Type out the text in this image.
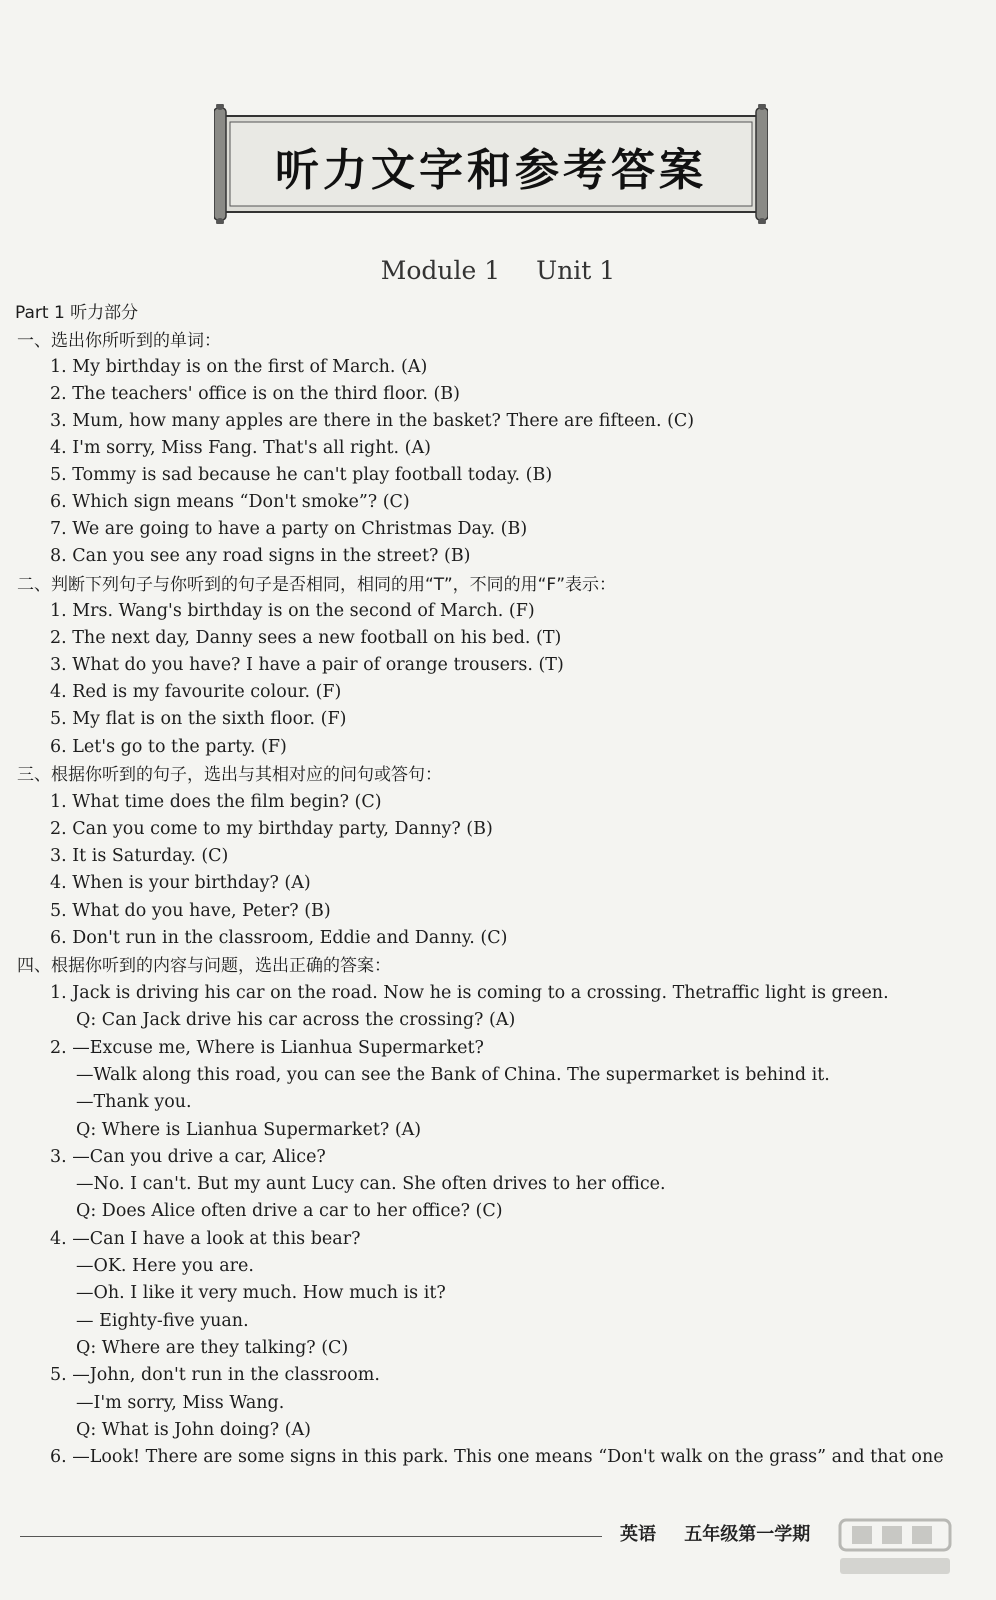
听力文字和参考答案
Module 1 Unit 1
Part 1 听力部分
一、选出你所听到的单词：
1. My birthday is on the first of March. (A)
2. The teachers' office is on the third floor. (B)
3. Mum, how many apples are there in the basket? There are fifteen. (C)
4. I'm sorry, Miss Fang. That's all right. (A)
5. Tommy is sad because he can't play football today. (B)
6. Which sign means “Don't smoke”? (C)
7. We are going to have a party on Christmas Day. (B)
8. Can you see any road signs in the street? (B)
二、判断下列句子与你听到的句子是否相同，相同的用“T”，不同的用“F”表示：
1. Mrs. Wang's birthday is on the second of March. (F)
2. The next day, Danny sees a new football on his bed. (T)
3. What do you have? I have a pair of orange trousers. (T)
4. Red is my favourite colour. (F)
5. My flat is on the sixth floor. (F)
6. Let's go to the party. (F)
三、根据你听到的句子，选出与其相对应的问句或答句：
1. What time does the film begin? (C)
2. Can you come to my birthday party, Danny? (B)
3. It is Saturday. (C)
4. When is your birthday? (A)
5. What do you have, Peter? (B)
6. Don't run in the classroom, Eddie and Danny. (C)
四、根据你听到的内容与问题，选出正确的答案：
1. Jack is driving his car on the road. Now he is coming to a crossing. Thetraffic light is green.
Q: Can Jack drive his car across the crossing? (A)
2. —Excuse me, Where is Lianhua Supermarket?
—Walk along this road, you can see the Bank of China. The supermarket is behind it.
—Thank you.
Q: Where is Lianhua Supermarket? (A)
3. —Can you drive a car, Alice?
—No. I can't. But my aunt Lucy can. She often drives to her office.
Q: Does Alice often drive a car to her office? (C)
4. —Can I have a look at this bear?
—OK. Here you are.
—Oh. I like it very much. How much is it?
— Eighty-five yuan.
Q: Where are they talking? (C)
5. —John, don't run in the classroom.
—I'm sorry, Miss Wang.
Q: What is John doing? (A)
6. —Look! There are some signs in this park. This one means “Don't walk on the grass” and that one
英语 五年级第一学期
